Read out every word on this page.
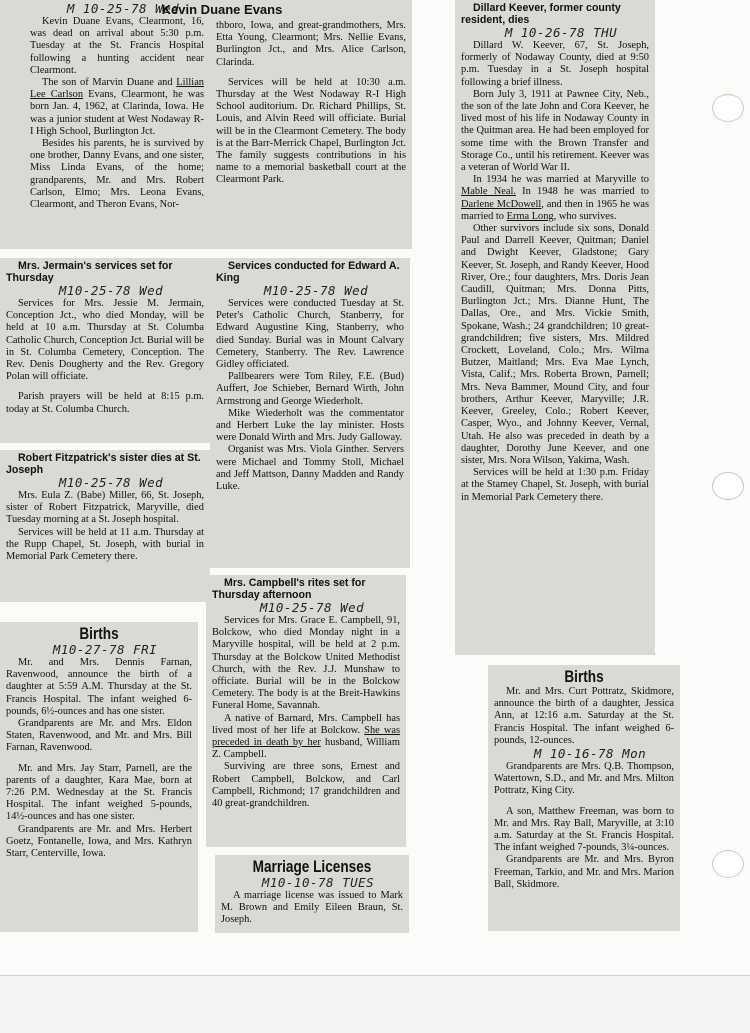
M 10-25-78 Wed

Kevin Duane Evans, Clearmont, 16, was dead on arrival about 5:30 p.m. Tuesday at the St. Francis Hospital following a hunting accident near Clearmont.

The son of Marvin Duane and Lillian Lee Carlson Evans, Clearmont, he was born Jan. 4, 1962, at Clarinda, Iowa. He was a junior student at West Nodaway R-I High School, Burlington Jct.

Besides his parents, he is survived by one brother, Danny Evans, and one sister, Miss Linda Evans, of the home; grandparents, Mr. and Mrs. Robert Carlson, Elmo; Mrs. Leona Evans, Clearmont, and Theron Evans, Nor-

Kevin Duane Evans

thboro, Iowa, and great-grandmothers, Mrs. Etta Young, Clearmont; Mrs. Nellie Evans, Burlington Jct., and Mrs. Alice Carlson, Clarinda.

Services will be held at 10:30 a.m. Thursday at the West Nodaway R-I High School auditorium. Dr. Richard Phillips, St. Louis, and Alvin Reed will officiate. Burial will be in the Clearmont Cemetery. The body is at the Barr-Merrick Chapel, Burlington Jct. The family suggests contributions in his name to a memorial basketball court at the Clearmont Park.

Mrs. Jermain's services set for Thursday

M10-25-78 Wed

Services for Mrs. Jessie M. Jermain, Conception Jct., who died Monday, will be held at 10 a.m. Thursday at St. Columba Catholic Church, Conception Jct. Burial will be in St. Columba Cemetery, Conception. The Rev. Denis Dougherty and the Rev. Gregory Polan will officiate.

Parish prayers will be held at 8:15 p.m. today at St. Columba Church.

Robert Fitzpatrick's sister dies at St. Joseph

M10-25-78 Wed

Mrs. Eula Z. (Babe) Miller, 66, St. Joseph, sister of Robert Fitzpatrick, Maryville, died Tuesday morning at a St. Joseph hospital.

Services will be held at 11 a.m. Thursday at the Rupp Chapel, St. Joseph, with burial in Memorial Park Cemetery there.

Services conducted for Edward A. King

M10-25-78 Wed

Services were conducted Tuesday at St. Peter's Catholic Church, Stanberry, for Edward Augustine King, Stanberry, who died Sunday. Burial was in Mount Calvary Cemetery, Stanberry. The Rev. Lawrence Gidley officiated.

Pallbearers were Tom Riley, F.E. (Bud) Auffert, Joe Schieber, Bernard Wirth, John Armstrong and George Wiederholt.

Mike Wiederholt was the commentator and Herbert Luke the lay minister. Hosts were Donald Wirth and Mrs. Judy Galloway.

Organist was Mrs. Viola Ginther. Servers were Michael and Tommy Stoll, Michael and Jeff Mattson, Danny Madden and Randy Luke.

Mrs. Campbell's rites set for Thursday afternoon

M10-25-78 Wed

Services for Mrs. Grace E. Campbell, 91, Bolckow, who died Monday night in a Maryville hospital, will be held at 2 p.m. Thursday at the Bolckow United Methodist Church, with the Rev. J.J. Munshaw to officiate. Burial will be in the Bolckow Cemetery. The body is at the Breit-Hawkins Funeral Home, Savannah.

A native of Barnard, Mrs. Campbell has lived most of her life at Bolckow. She was preceded in death by her husband, William Z. Campbell.

Surviving are three sons, Ernest and Robert Campbell, Bolckow, and Carl Campbell, Richmond; 17 grandchildren and 40 great-grandchildren.

Dillard Keever, former county resident, dies

M 10-26-78 THU

Dillard W. Keever, 67, St. Joseph, formerly of Nodaway County, died at 9:50 p.m. Tuesday in a St. Joseph hospital following a brief illness.

Born July 3, 1911 at Pawnee City, Neb., the son of the late John and Cora Keever, he lived most of his life in Nodaway County in the Quitman area. He had been employed for some time with the Brown Transfer and Storage Co., until his retirement. Keever was a veteran of World War II.

In 1934 he was married at Maryville to Mable Neal. In 1948 he was married to Darlene McDowell, and then in 1965 he was married to Erma Long, who survives.

Other survivors include six sons, Donald Paul and Darrell Keever, Quitman; Daniel and Dwight Keever, Gladstone; Gary Keever, St. Joseph, and Randy Keever, Hood River, Ore.; four daughters, Mrs. Doris Jean Caudill, Quitman; Mrs. Donna Pitts, Burlington Jct.; Mrs. Dianne Hunt, The Dallas, Ore., and Mrs. Vickie Smith, Spokane, Wash.; 24 grandchildren; 10 great-grandchildren; five sisters, Mrs. Mildred Crockett, Loveland, Colo.; Mrs. Wilma Butzer, Maitland; Mrs. Eva Mae Lynch, Vista, Calif.; Mrs. Roberta Brown, Parnell; Mrs. Neva Bammer, Mound City, and four brothers, Arthur Keever, Maryville; J.R. Keever, Greeley, Colo.; Robert Keever, Casper, Wyo., and Johnny Keever, Vernal, Utah. He also was preceded in death by a daughter, Dorothy June Keever, and one sister, Mrs. Nora Wilson, Yakima, Wash.

Services will be held at 1:30 p.m. Friday at the Stamey Chapel, St. Joseph, with burial in Memorial Park Cemetery there.

Births

M10-27-78 FRI

Mr. and Mrs. Dennis Farnan, Ravenwood, announce the birth of a daughter at 5:59 A.M. Thursday at the St. Francis Hospital. The infant weighed 6-pounds, 6½-ounces and has one sister.

Grandparents are Mr. and Mrs. Eldon Staten, Ravenwood, and Mr. and Mrs. Bill Farnan, Ravenwood.

Mr. and Mrs. Jay Starr, Parnell, are the parents of a daughter, Kara Mae, born at 7:26 P.M. Wednesday at the St. Francis Hospital. The infant weighed 5-pounds, 14½-ounces and has one sister.

Grandparents are Mr. and Mrs. Herbert Goetz, Fontanelle, Iowa, and Mrs. Kathryn Starr, Centerville, Iowa.

Marriage Licenses

M10-10-78 TUES

A marriage license was issued to Mark M. Brown and Emily Eileen Braun, St. Joseph.

Births

Mr. and Mrs. Curt Pottratz, Skidmore, announce the birth of a daughter, Jessica Ann, at 12:16 a.m. Saturday at the St. Francis Hospital. The infant weighed 6-pounds, 12-ounces.

M 10-16-78 Mon

Grandparents are Mrs. Q.B. Thompson, Watertown, S.D., and Mr. and Mrs. Milton Pottratz, King City.

A son, Matthew Freeman, was born to Mr. and Mrs. Ray Ball, Maryville, at 3:10 a.m. Saturday at the St. Francis Hospital. The infant weighed 7-pounds, 3¼-ounces.

Grandparents are Mr. and Mrs. Byron Freeman, Tarkio, and Mr. and Mrs. Marion Ball, Skidmore.
